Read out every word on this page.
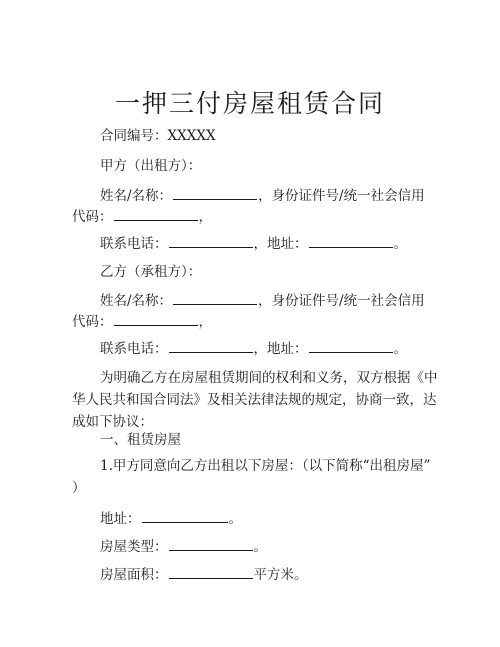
一押三付房屋租赁合同
合同编号：XXXXX
甲方（出租方）：
姓名/名称：	，身份证件号/统一社会信用
代码：	，
联系电话：	，地址：	。
乙方（承租方）：
姓名/名称：	，身份证件号/统一社会信用
代码：	，
联系电话：	，地址：	。
为明确乙方在房屋租赁期间的权利和义务，双方根据《中
华人民共和国合同法》及相关法律法规的规定，协商一致，达
成如下协议：
一、租赁房屋
1.甲方同意向乙方出租以下房屋：（以下简称“出租房屋”
）
地址：	。
房屋类型：	。
房屋面积：	平方米。
